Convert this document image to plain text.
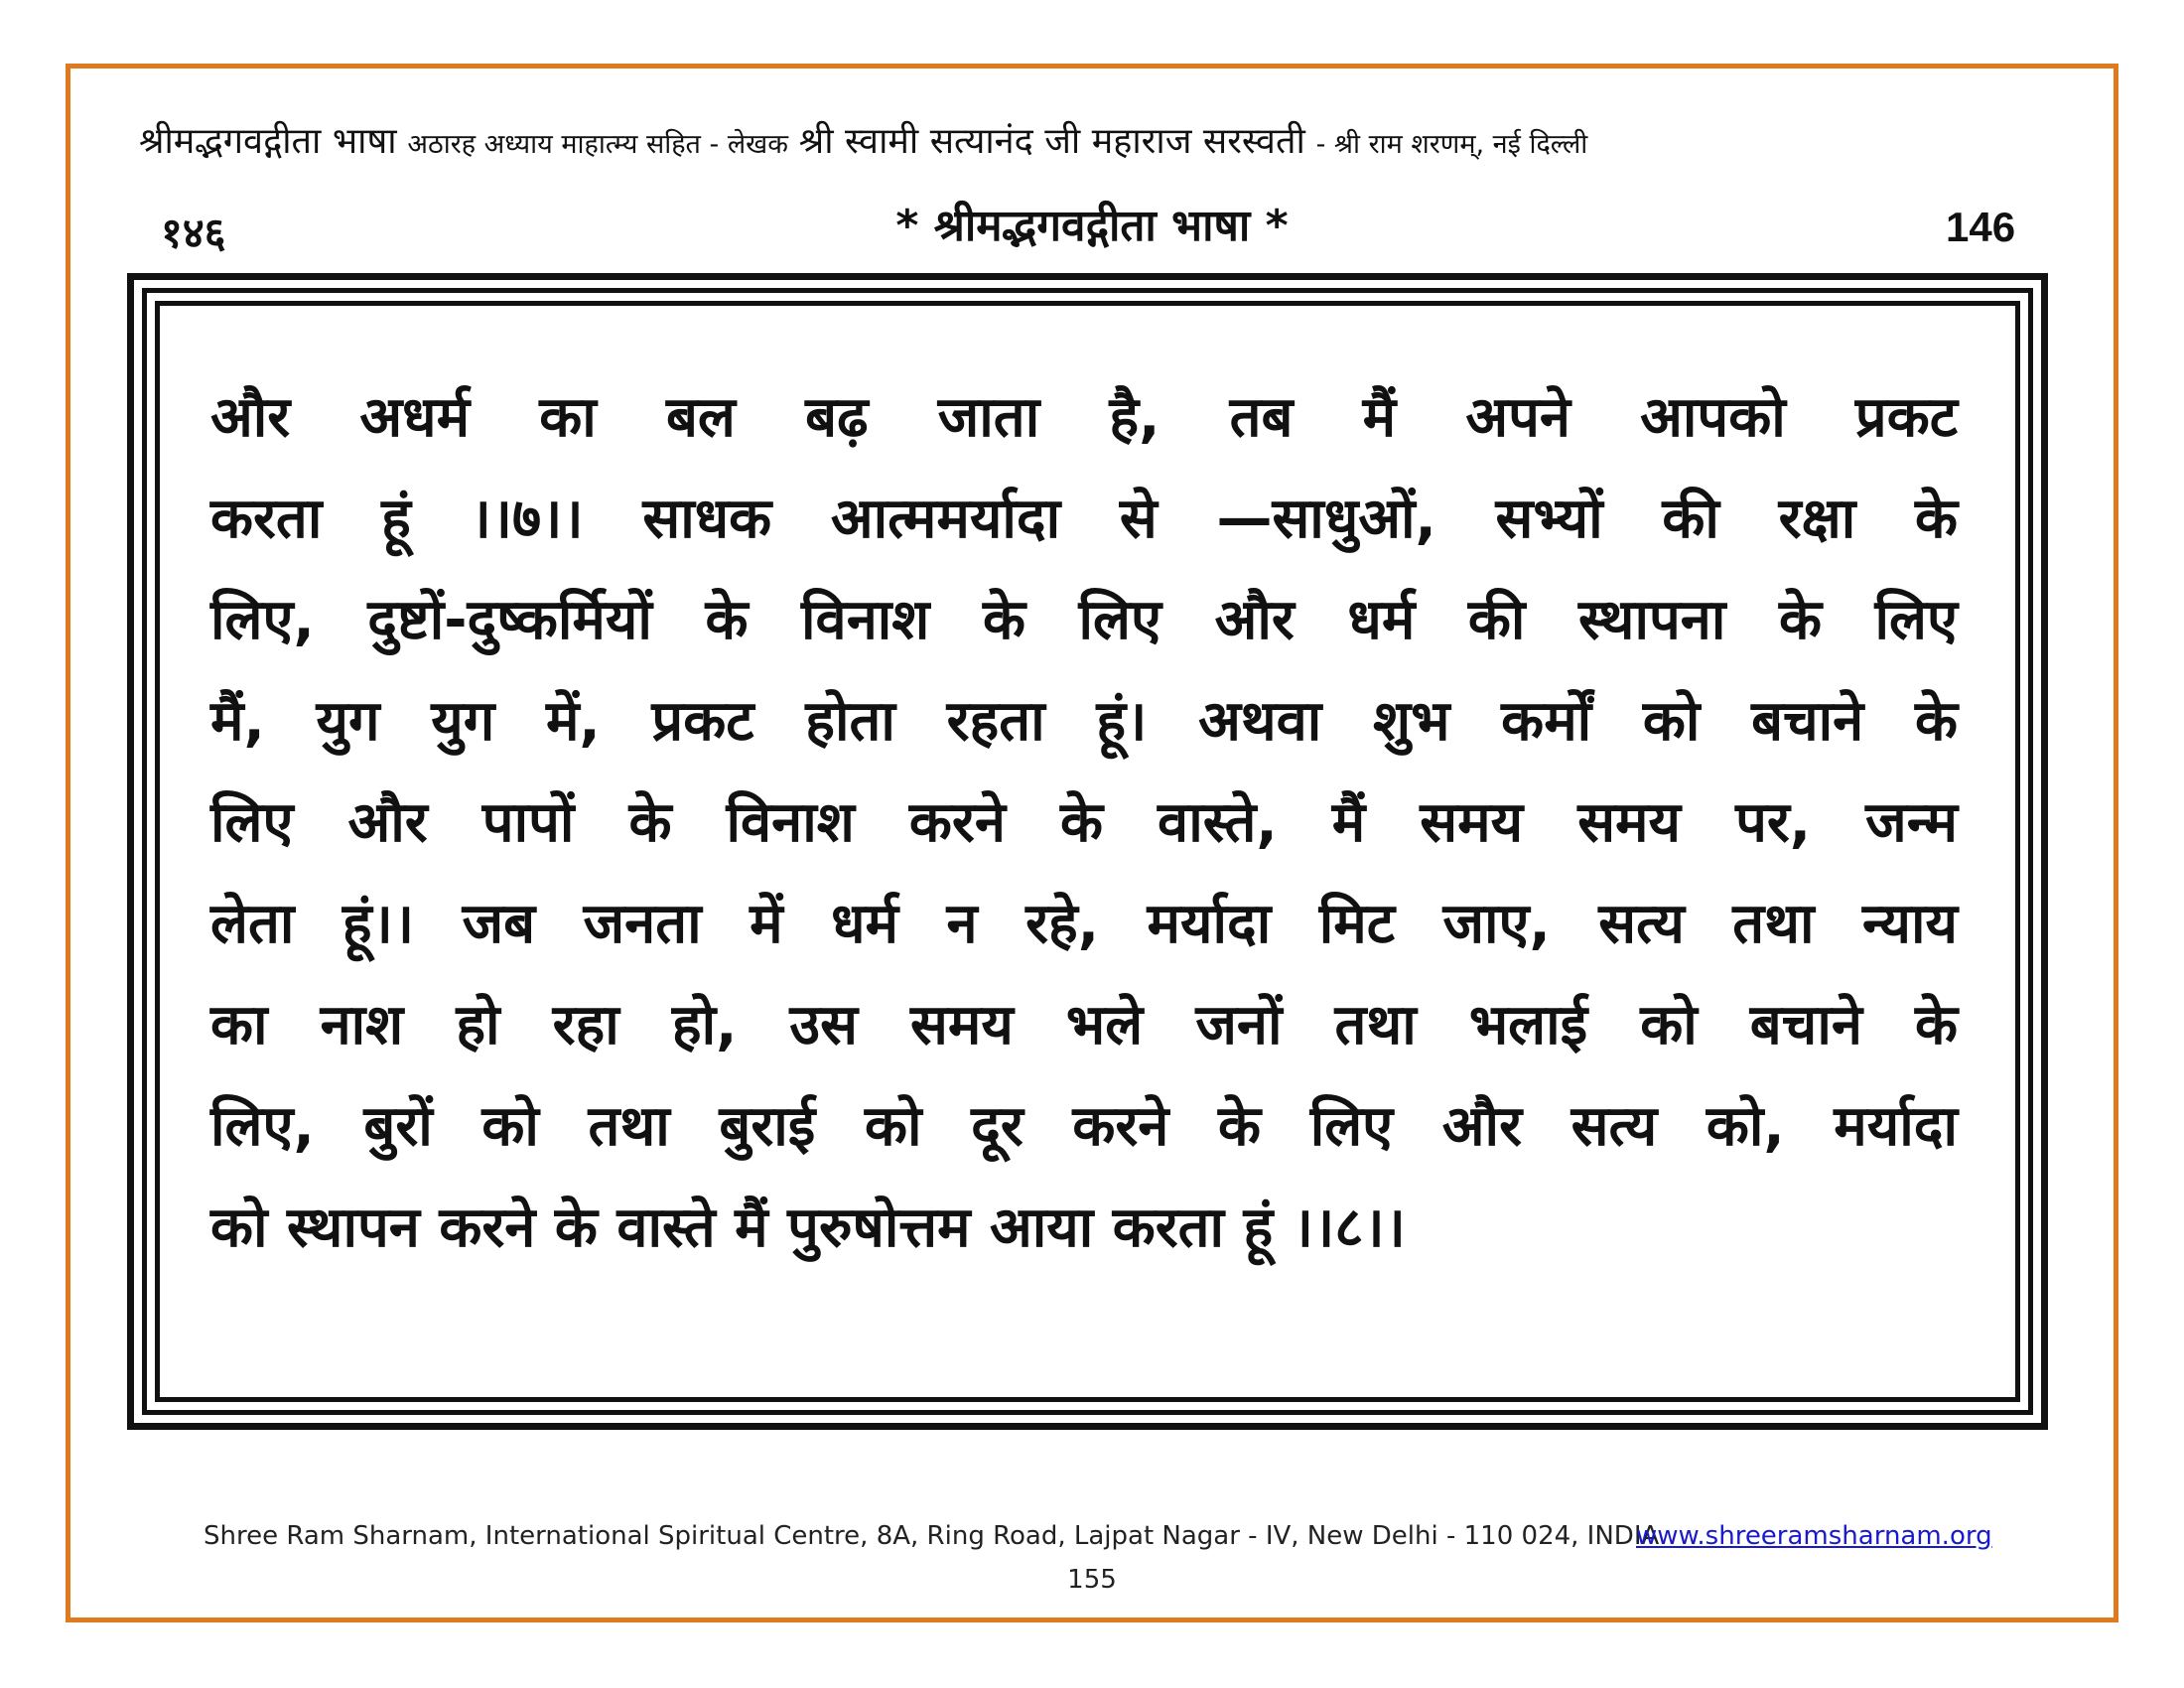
श्रीमद्भगवद्गीता भाषा अठारह अध्याय माहात्म्य सहित - लेखक श्री स्वामी सत्यानंद जी महाराज सरस्वती - श्री राम शरणम्, नई दिल्ली
१४६	* श्रीमद्भगवद्गीता भाषा *	146
और अधर्म का बल बढ़ जाता है, तब मैं अपने आपको प्रकट
करता हूं ।।७।। साधक आत्ममर्यादा से —साधुओं, सभ्यों की रक्षा के
लिए, दुष्टों-दुष्कर्मियों के विनाश के लिए और धर्म की स्थापना के लिए
मैं, युग युग में, प्रकट होता रहता हूं। अथवा शुभ कर्मों को बचाने के
लिए और पापों के विनाश करने के वास्ते, मैं समय समय पर, जन्म
लेता हूं।। जब जनता में धर्म न रहे, मर्यादा मिट जाए, सत्य तथा न्याय
का नाश हो रहा हो, उस समय भले जनों तथा भलाई को बचाने के
लिए, बुरों को तथा बुराई को दूर करने के लिए और सत्य को, मर्यादा
को स्थापन करने के वास्ते मैं पुरुषोत्तम आया करता हूं ।।८।।
Shree Ram Sharnam, International Spiritual Centre, 8A, Ring Road, Lajpat Nagar - IV, New Delhi - 110 024, INDIA
www.shreeramsharnam.org
155
